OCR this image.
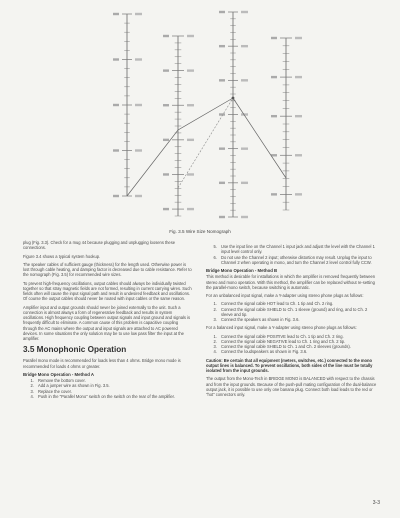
Fig. 3.5 Wire Size Nomograph

plug (Fig. 3.3). Check for a mug 44 because plugging and unplugging loosens these connections.

Figure 3.4 shows a typical system hookup.

The speaker cables of sufficient gauge (thickness) for the length used. Otherwise power is lost through cable heating, and damping factor is decreased due to cable resistance. Refer to the nomograph (Fig. 3.5) for recommended wire sizes.

To prevent high-frequency oscillations, output cables should always be individually twisted together so that stray magnetic fields are not formed, resulting in current carrying wires. Such fields often will cause the input signal path and result in undesired feedback and oscillations. Of course the output cables should never be routed with input cables or the same reason.

Amplifier input and output grounds should never be joined externally to the unit. Such a connection is almost always a form of regenerative feedback and results in system oscillations. High frequency coupling between output signals and input ground and signals is frequently difficult to eliminate. A common cause of this problem is capacitive coupling through the AC mains where the output and input signals are attached to AC powered devices. In some situations the only solution may be to use low pass filter the input at the amplifier.

3.5 Monophonic Operation

Parallel mono mode is recommended for loads less than 4 ohms. Bridge mono mode is recommended for loads 4 ohms or greater.

Bridge Mono Operation - Method A
1. Remove the bottom cover.
2. Add a jumper wire as shown in Fig. 3.5.
3. Replace the cover.
4. Push in the "Parallel Mono" switch on the switch on the rear of the amplifier.
5. Use the input line on the Channel 1 input jack and adjust the level with the Channel 1 input level control only.
6. Do not use the Channel 2 input; otherwise distortion may result. Unplug the input to Channel 2 when operating in mono, and turn the Channel 2 level control fully CCW.
Bridge Mono Operation - Method B

This method is desirable for installations in which the amplifier is removed frequently between stereo and mono operation. With this method, the amplifier can be replaced without re-setting the parallel-mono switch, because switching is automatic.

For an unbalanced input signal, make a Y-adapter using stereo phone plugs as follows:

1. Connect the signal cable HOT lead to Ch. 1 tip and Ch. 2 ring.
2. Connect the signal cable SHIELD to Ch. 1 sleeve (ground) and ring, and to Ch. 2 sleeve and tip.
3. Connect the speakers as shown in Fig. 3.6.

For a balanced input signal, make a Y-adapter using stereo phone plugs as follows:

1. Connect the signal cable POSITIVE lead to Ch. 1 tip and Ch. 2 ring.
2. Connect the signal cable NEGATIVE lead to Ch. 1 ring and Ch. 2 tip.
3. Connect the signal cable SHIELD to Ch. 1 and Ch. 2 sleeves (grounds).
4. Connect the loudspeakers as shown in Fig. 3.6.

Caution: Be certain that all equipment (meters, switches, etc.) connected to the mono output lines is balanced. To prevent oscillations, both sides of the line must be totally isolated from the input grounds.

The output from the Mono-Tech in BRIDGE MONO is BALANCED with respect to the chassis and from the input grounds. Because of the push-pull mating configuration of the dual-balance output jack, it is possible to use only one banana plug. Connect both load leads to the red or "hot" connectors only.

3-3
